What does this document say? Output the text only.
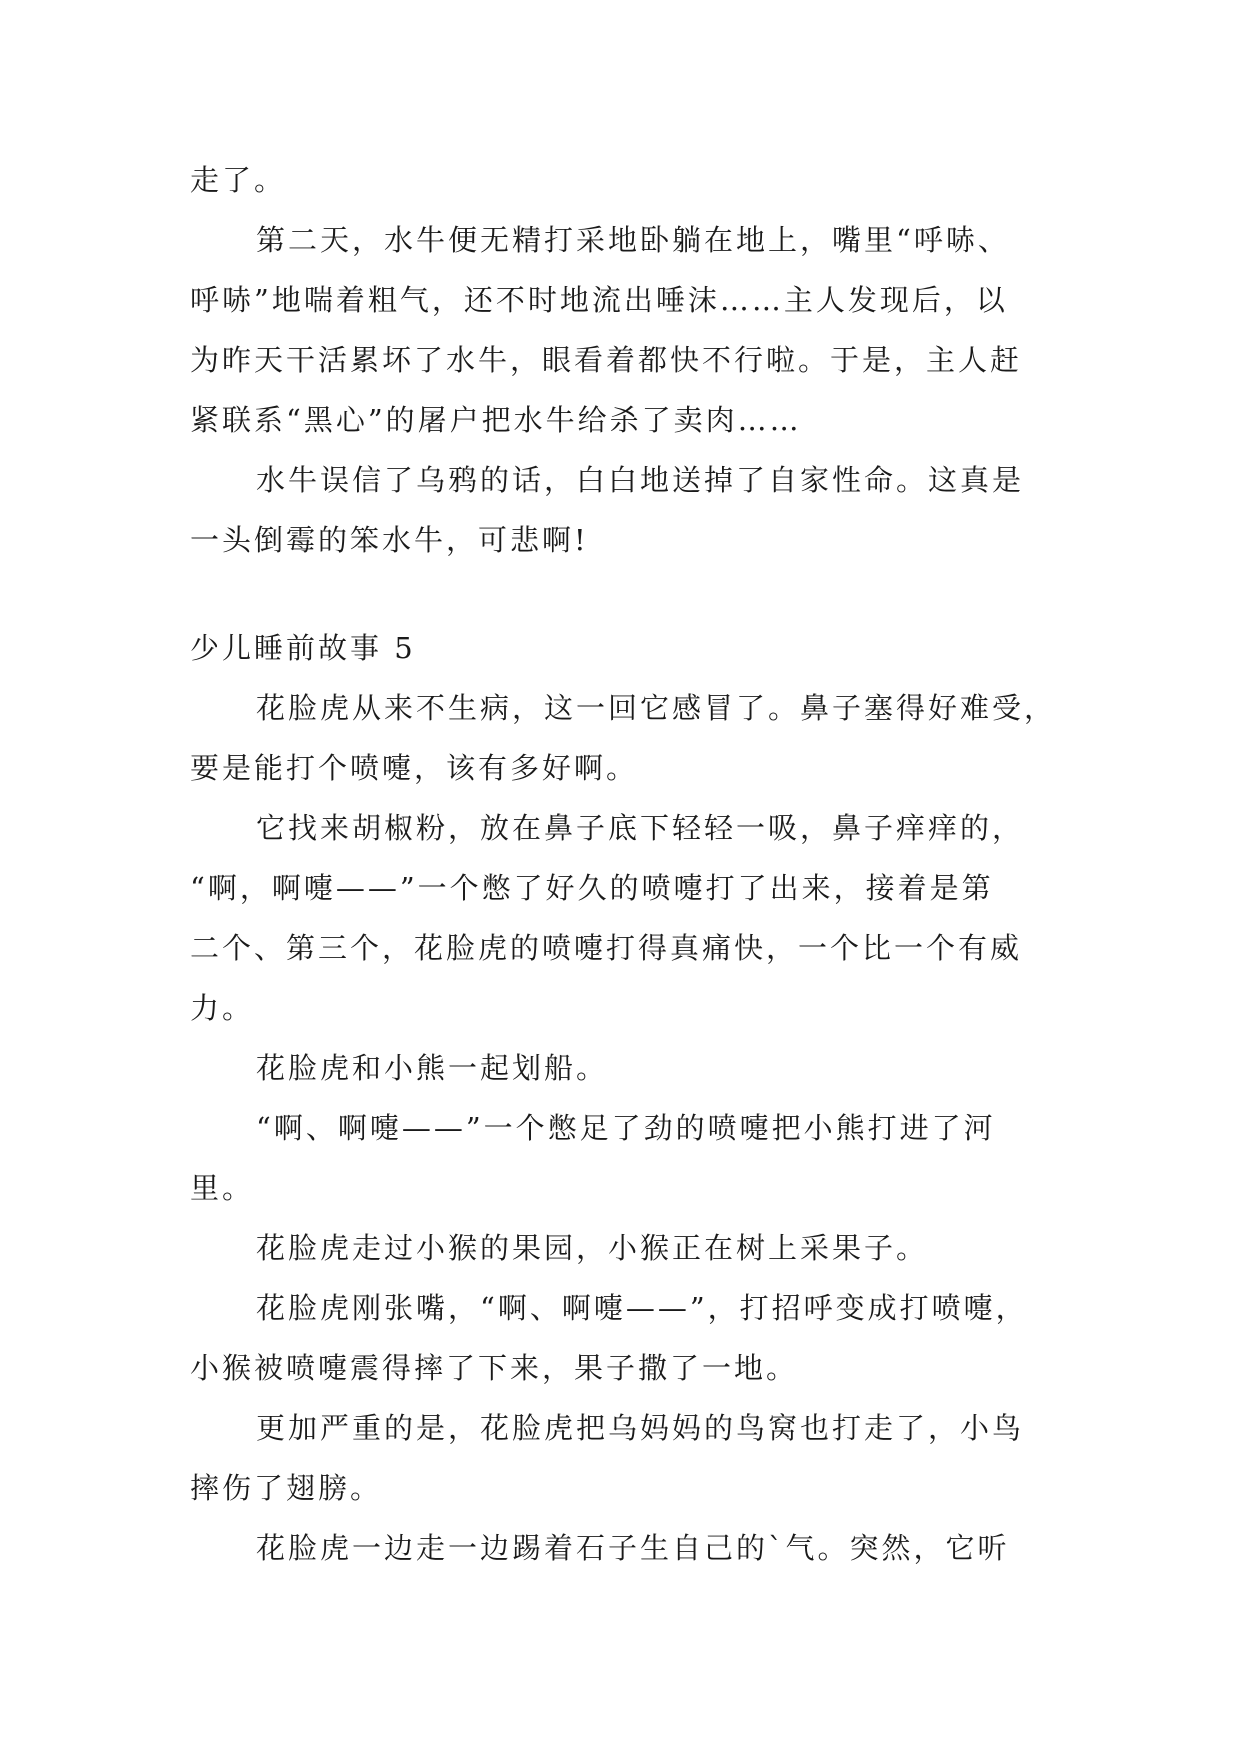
走了。
第二天，水牛便无精打采地卧躺在地上，嘴里“呼哧、
呼哧”地喘着粗气，还不时地流出唾沫……主人发现后，以
为昨天干活累坏了水牛，眼看着都快不行啦。于是，主人赶
紧联系“黑心”的屠户把水牛给杀了卖肉……
水牛误信了乌鸦的话，白白地送掉了自家性命。这真是
一头倒霉的笨水牛，可悲啊!
少儿睡前故事 5
花脸虎从来不生病，这一回它感冒了。鼻子塞得好难受，
要是能打个喷嚏，该有多好啊。
它找来胡椒粉，放在鼻子底下轻轻一吸，鼻子痒痒的，
“啊，啊嚏——”一个憋了好久的喷嚏打了出来，接着是第
二个、第三个，花脸虎的喷嚏打得真痛快，一个比一个有威
力。
花脸虎和小熊一起划船。
“啊、啊嚏——”一个憋足了劲的喷嚏把小熊打进了河
里。
花脸虎走过小猴的果园，小猴正在树上采果子。
花脸虎刚张嘴，“啊、啊嚏——”，打招呼变成打喷嚏，
小猴被喷嚏震得摔了下来，果子撒了一地。
更加严重的是，花脸虎把乌妈妈的鸟窝也打走了，小鸟
摔伤了翅膀。
花脸虎一边走一边踢着石子生自己的`气。突然，它听
